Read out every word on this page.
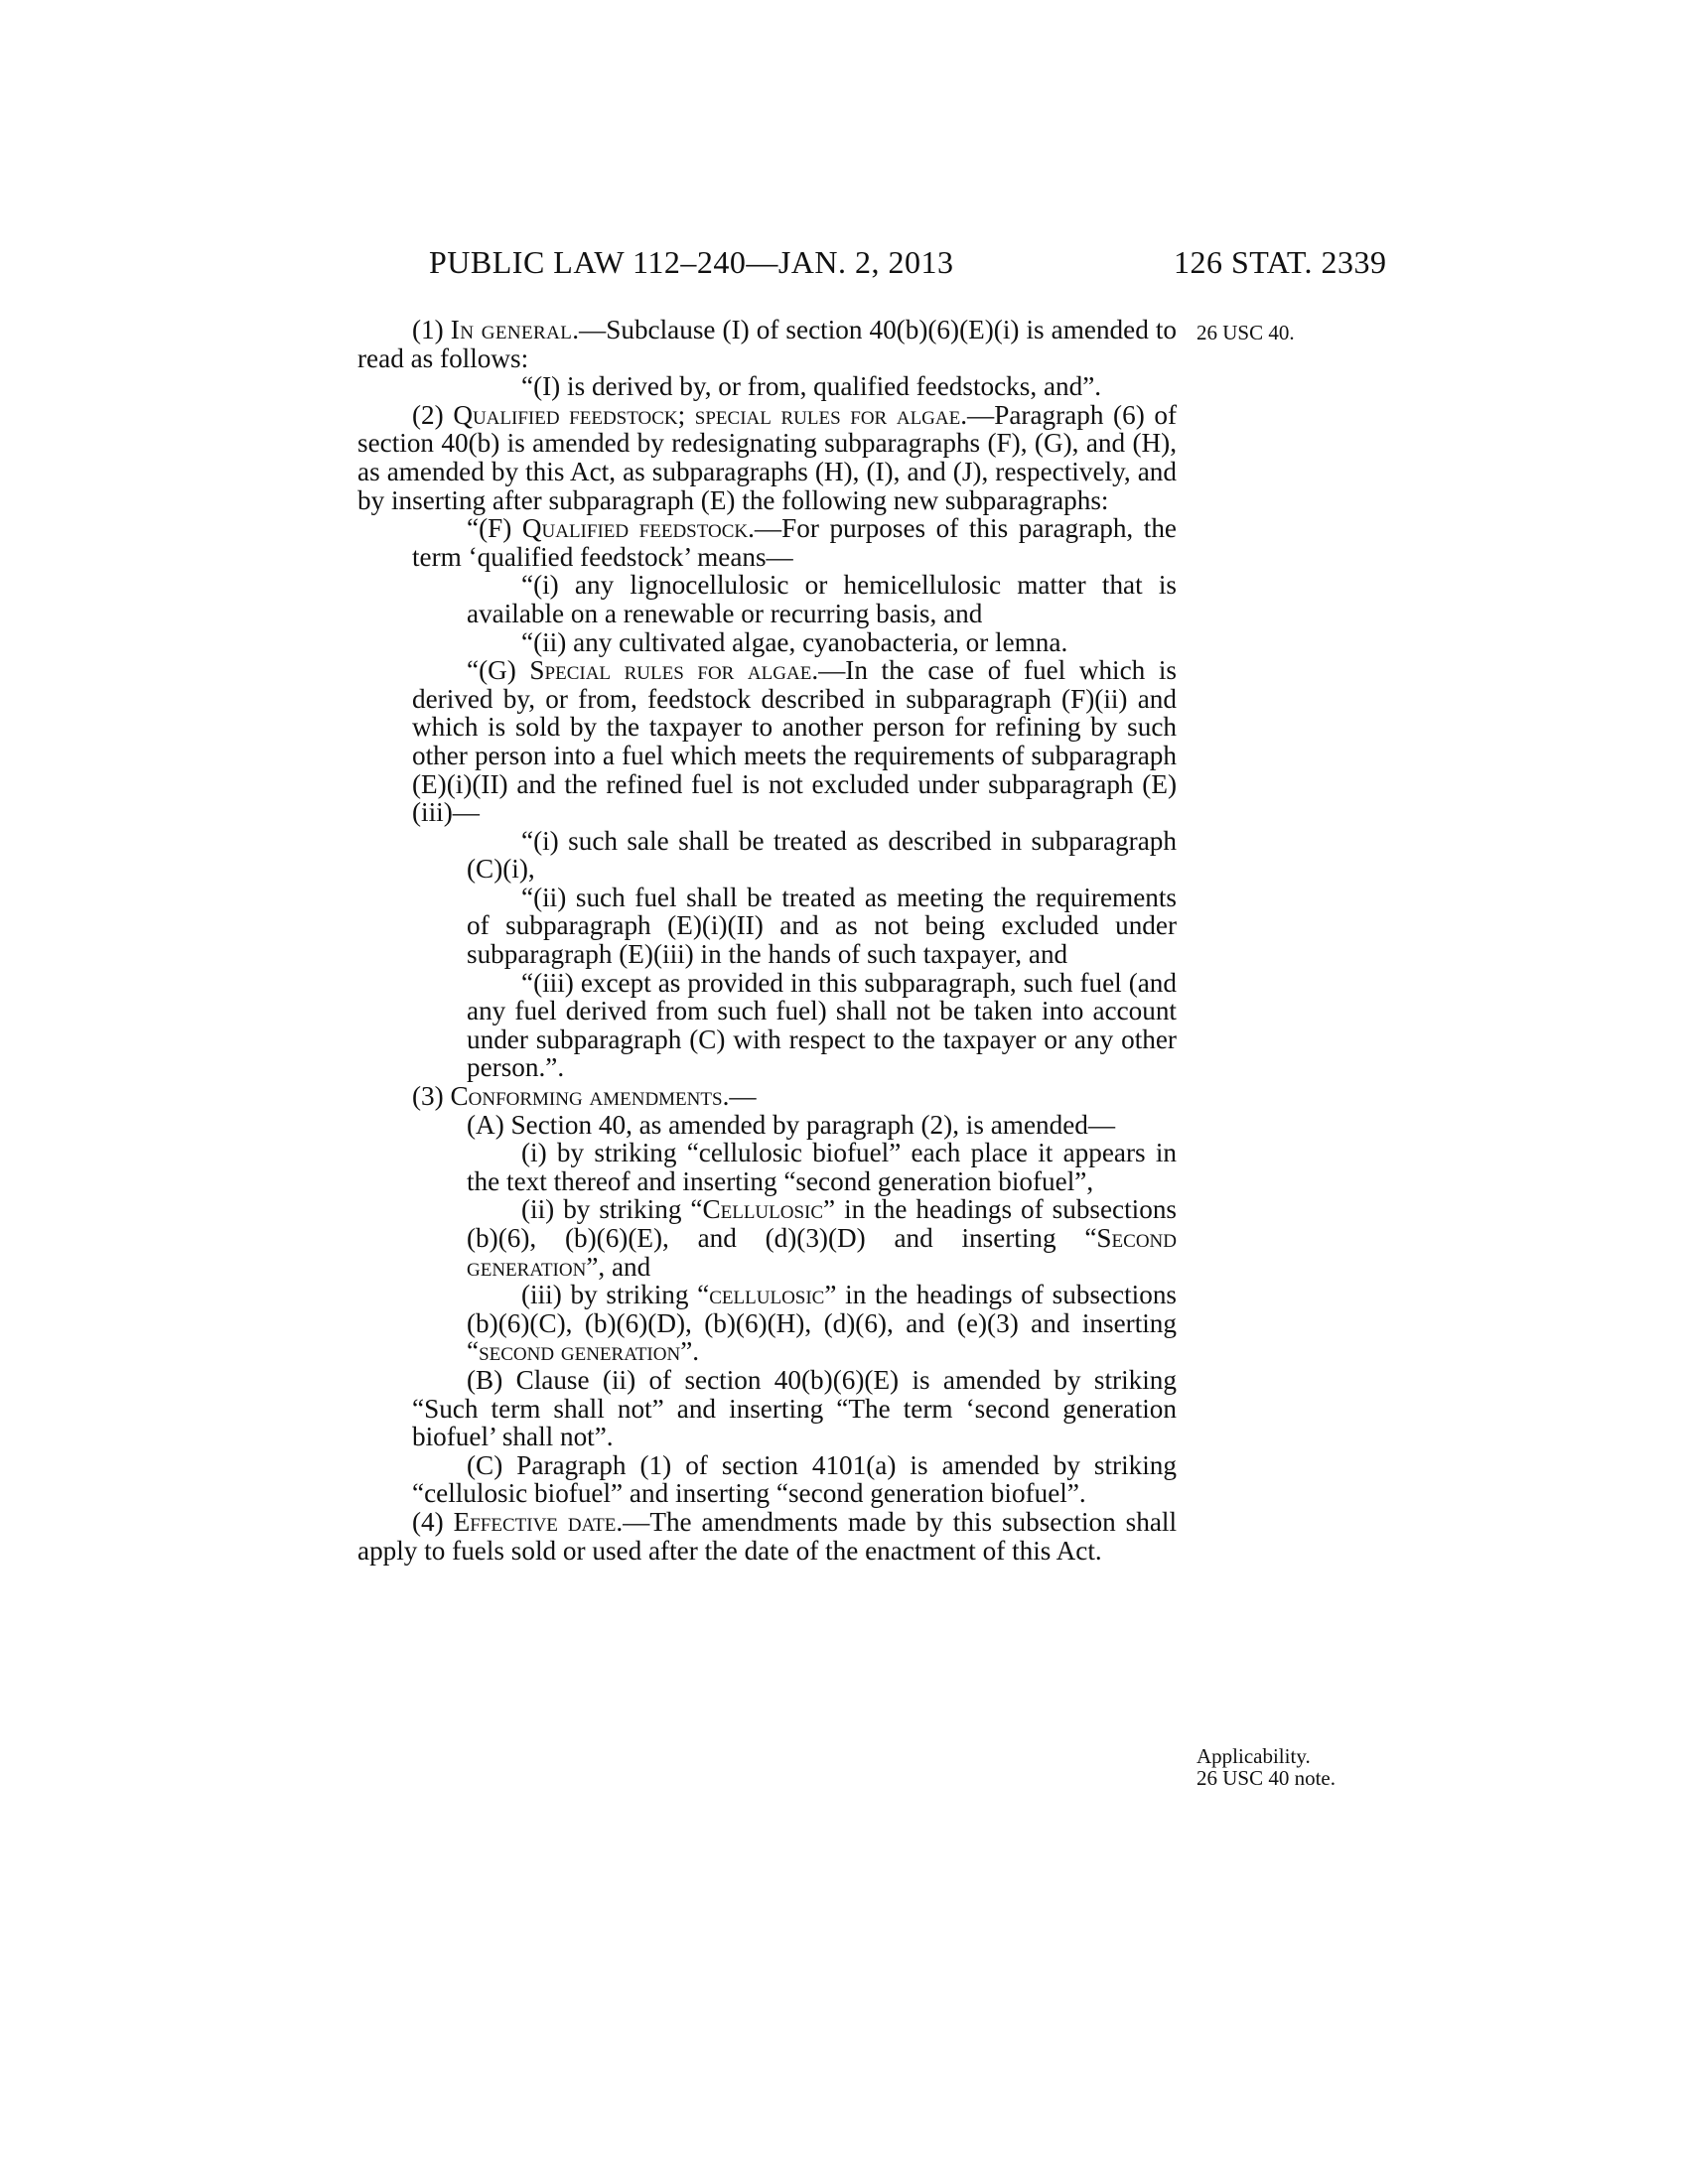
PUBLIC LAW 112–240—JAN. 2, 2013	126 STAT. 2339
26 USC 40.
Applicability.
26 USC 40 note.

(1) In general.—Subclause (I) of section 40(b)(6)(E)(i) is amended to read as follows:

“(I) is derived by, or from, qualified feedstocks, and”.

(2) Qualified feedstock; special rules for algae.—Paragraph (6) of section 40(b) is amended by redesignating subparagraphs (F), (G), and (H), as amended by this Act, as subparagraphs (H), (I), and (J), respectively, and by inserting after subparagraph (E) the following new subparagraphs:

“(F) Qualified feedstock.—For purposes of this paragraph, the term ‘qualified feedstock’ means—

“(i) any lignocellulosic or hemicellulosic matter that is available on a renewable or recurring basis, and

“(ii) any cultivated algae, cyanobacteria, or lemna.

“(G) Special rules for algae.—In the case of fuel which is derived by, or from, feedstock described in subparagraph (F)(ii) and which is sold by the taxpayer to another person for refining by such other person into a fuel which meets the requirements of subparagraph (E)(i)(II) and the refined fuel is not excluded under subparagraph (E)(iii)—

“(i) such sale shall be treated as described in subparagraph (C)(i),

“(ii) such fuel shall be treated as meeting the requirements of subparagraph (E)(i)(II) and as not being excluded under subparagraph (E)(iii) in the hands of such taxpayer, and

“(iii) except as provided in this subparagraph, such fuel (and any fuel derived from such fuel) shall not be taken into account under subparagraph (C) with respect to the taxpayer or any other person.”.

(3) Conforming amendments.—

(A) Section 40, as amended by paragraph (2), is amended—

(i) by striking “cellulosic biofuel” each place it appears in the text thereof and inserting “second generation biofuel”,

(ii) by striking “Cellulosic” in the headings of subsections (b)(6), (b)(6)(E), and (d)(3)(D) and inserting “Second generation”, and

(iii) by striking “cellulosic” in the headings of subsections (b)(6)(C), (b)(6)(D), (b)(6)(H), (d)(6), and (e)(3) and inserting “second generation”.

(B) Clause (ii) of section 40(b)(6)(E) is amended by striking “Such term shall not” and inserting “The term ‘second generation biofuel’ shall not”.

(C) Paragraph (1) of section 4101(a) is amended by striking “cellulosic biofuel” and inserting “second generation biofuel”.

(4) Effective date.—The amendments made by this subsection shall apply to fuels sold or used after the date of the enactment of this Act.
